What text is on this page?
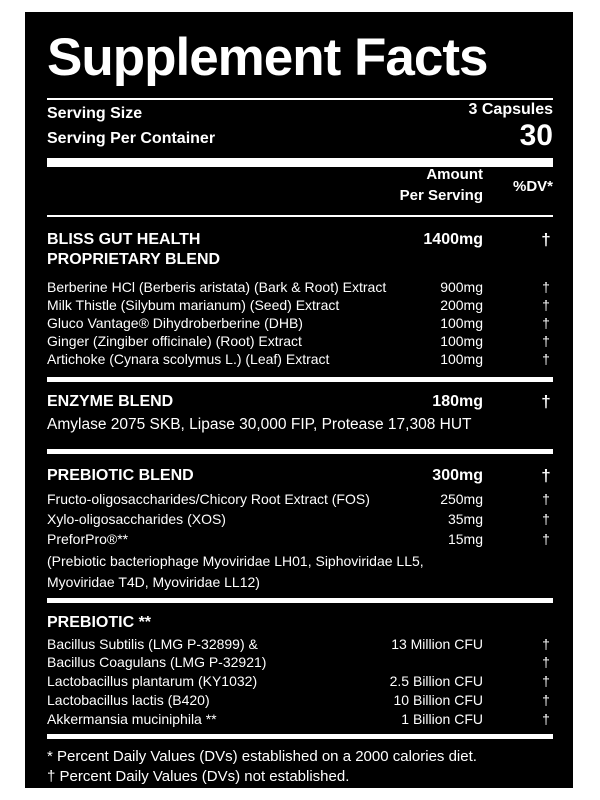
Supplement Facts
Serving Size	3 Capsules
Serving Per Container	30
Amount
Per Serving
%DV*
BLISS GUT HEALTH
PROPRIETARY BLEND
1400mg	†
Berberine HCl (Berberis aristata) (Bark & Root) Extract	900mg	†
Milk Thistle (Silybum marianum) (Seed) Extract	200mg	†
Gluco Vantage® Dihydroberberine (DHB)	100mg	†
Ginger (Zingiber officinale) (Root) Extract	100mg	†
Artichoke (Cynara scolymus L.) (Leaf) Extract	100mg	†
ENZYME BLEND	180mg	†
Amylase 2075 SKB, Lipase 30,000 FIP, Protease 17,308 HUT
PREBIOTIC BLEND	300mg	†
Fructo-oligosaccharides/Chicory Root Extract (FOS)	250mg	†
Xylo-oligosaccharides (XOS)	35mg	†
PreforPro®**	15mg	†
(Prebiotic bacteriophage Myoviridae LH01, Siphoviridae LL5,
Myoviridae T4D, Myoviridae LL12)
PREBIOTIC **
Bacillus Subtilis (LMG P-32899) &	13 Million CFU	†
Bacillus Coagulans (LMG P-32921)	†
Lactobacillus plantarum (KY1032)	2.5 Billion CFU	†
Lactobacillus lactis (B420)	10 Billion CFU	†
Akkermansia muciniphila **	1 Billion CFU	†
* Percent Daily Values (DVs) established on a 2000 calories diet.
† Percent Daily Values (DVs) not established.
